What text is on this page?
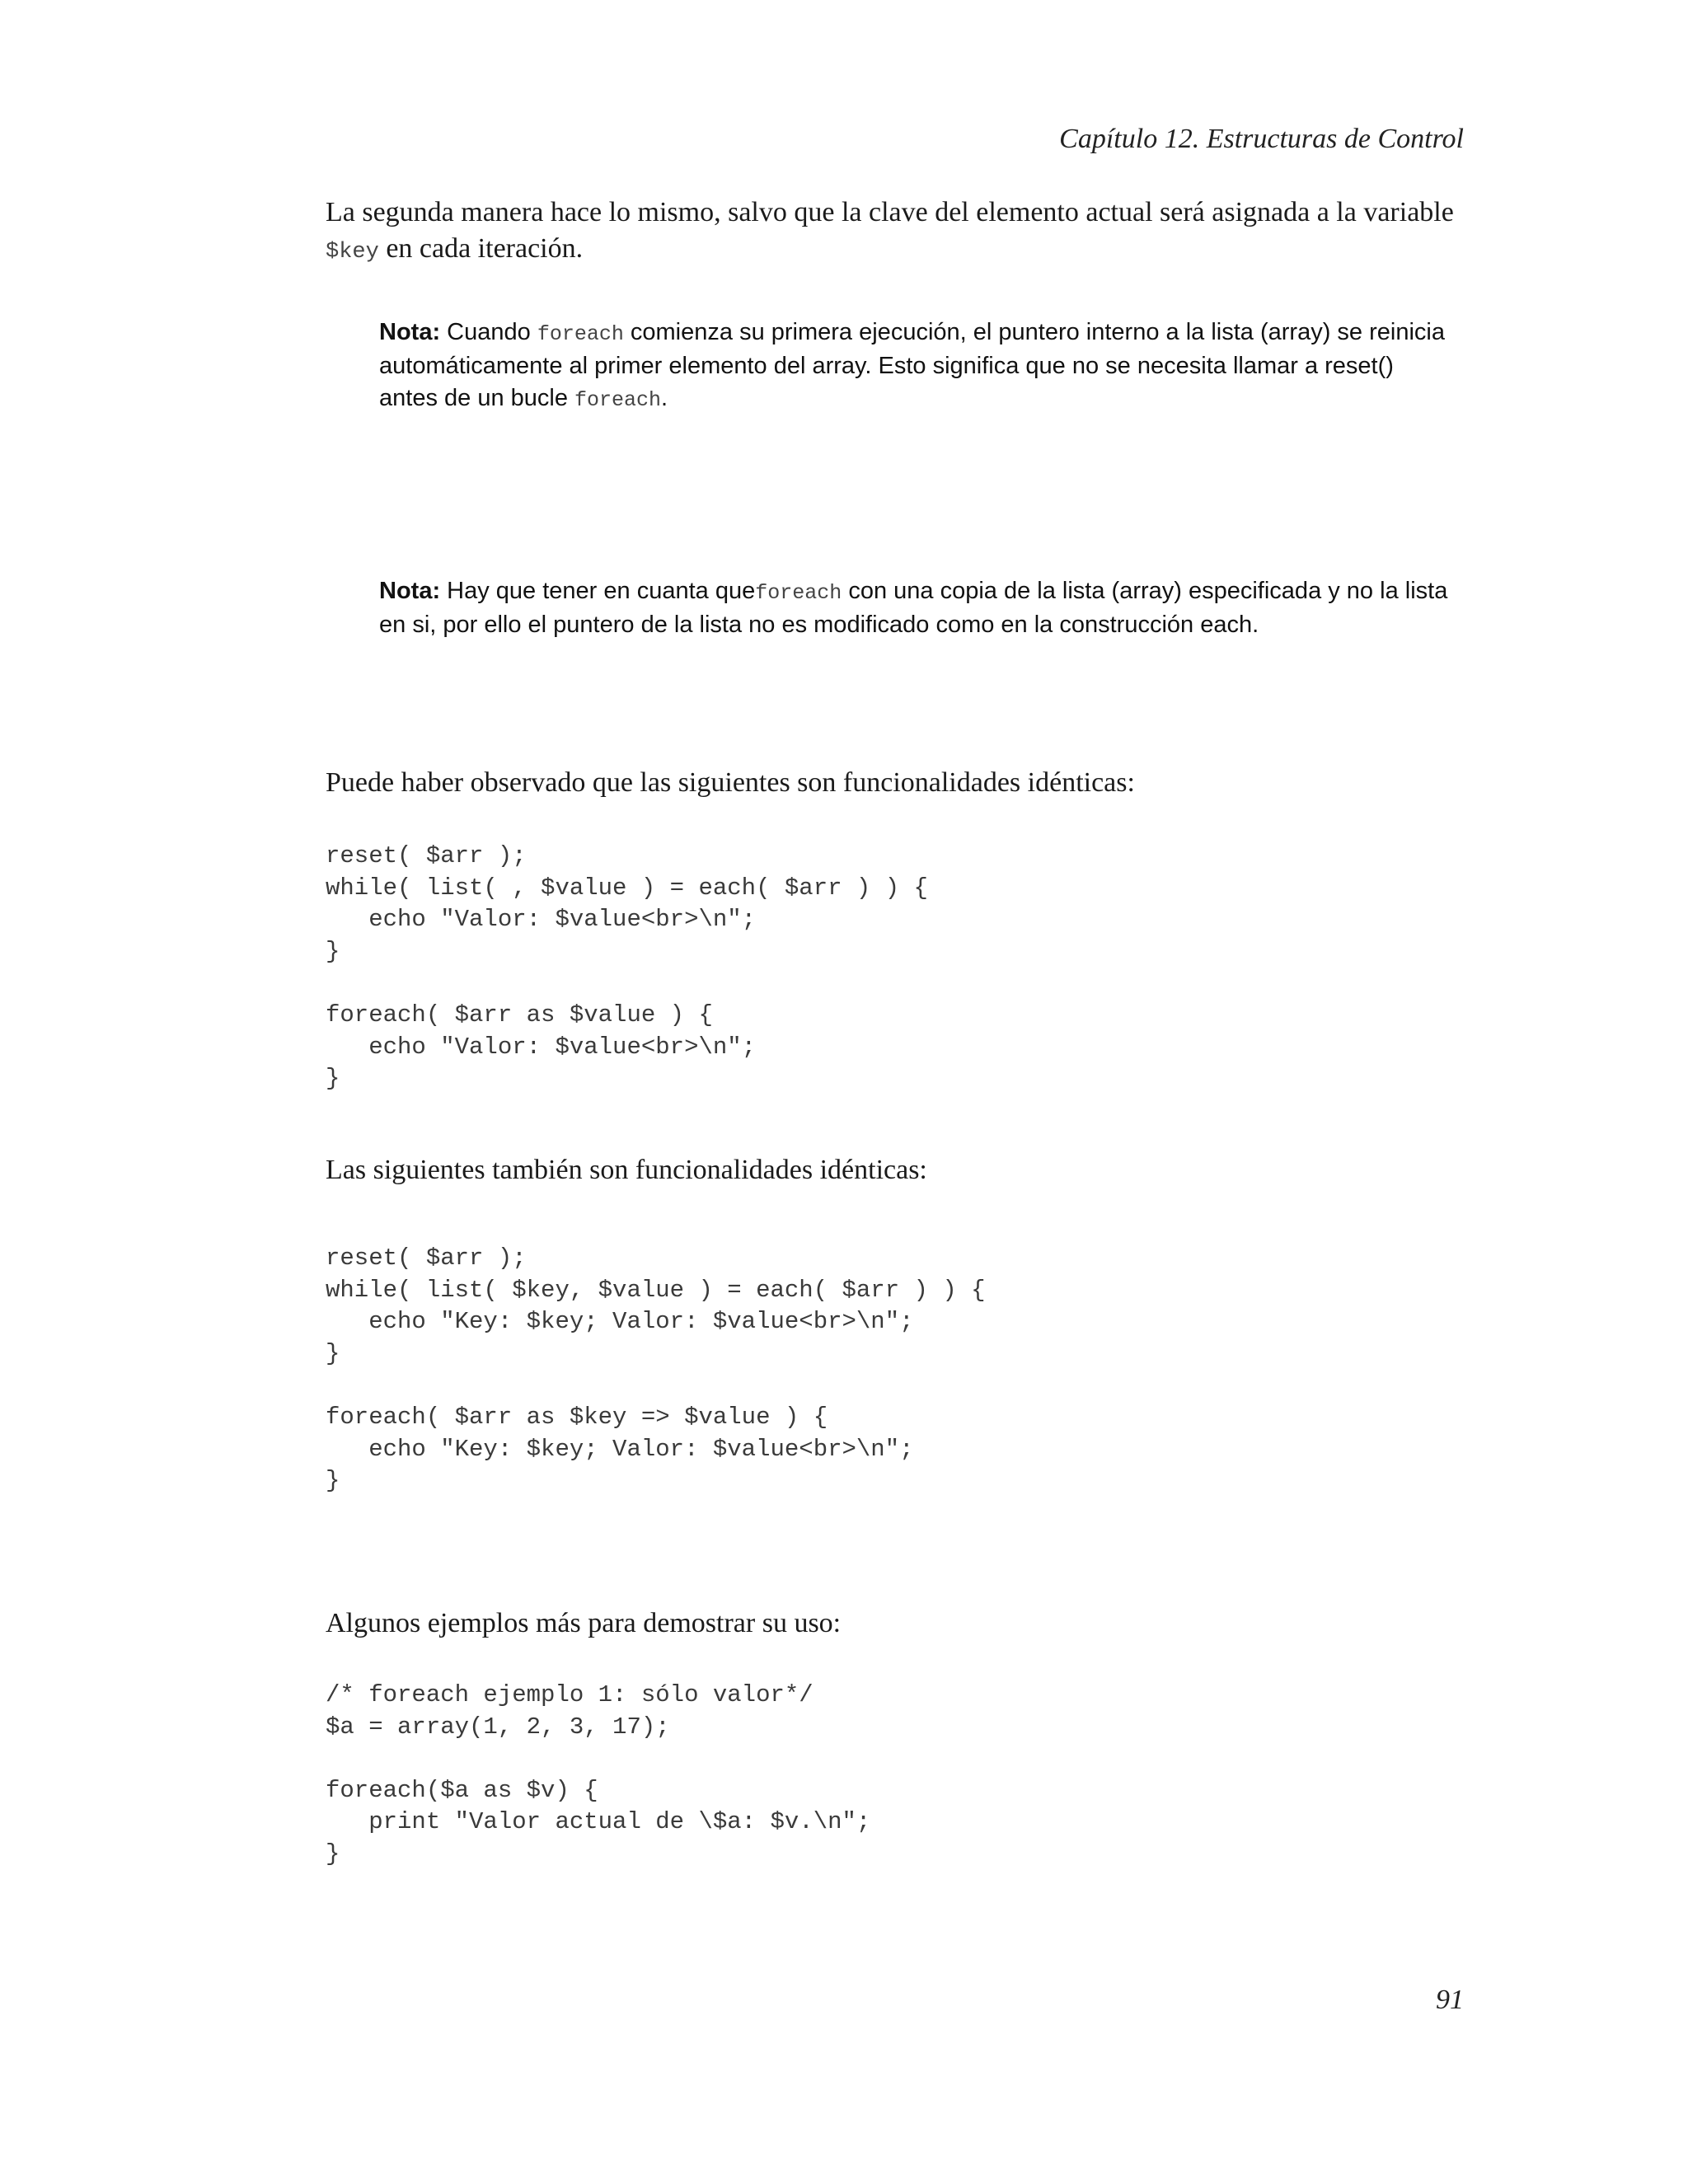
Capítulo 12. Estructuras de Control

La segunda manera hace lo mismo, salvo que la clave del elemento actual será asignada a la variable
$key en cada iteración.

Nota: Cuando foreach comienza su primera ejecución, el puntero interno a la lista (array) se reinicia automáticamente al primer elemento del array. Esto significa que no se necesita llamar a reset() antes de un bucle foreach.

Nota: Hay que tener en cuanta queforeach con una copia de la lista (array) especificada y no la lista en si, por ello el puntero de la lista no es modificado como en la construcción each.

Puede haber observado que las siguientes son funcionalidades idénticas:

reset( $arr );
while( list( , $value ) = each( $arr ) ) {
echo "Valor: $value<br>\n";
}
foreach( $arr as $value ) {
echo "Valor: $value<br>\n";
}

Las siguientes también son funcionalidades idénticas:

reset( $arr );
while( list( $key, $value ) = each( $arr ) ) {
echo "Key: $key; Valor: $value<br>\n";
}
foreach( $arr as $key => $value ) {
echo "Key: $key; Valor: $value<br>\n";
}

Algunos ejemplos más para demostrar su uso:

/* foreach ejemplo 1: sólo valor*/
$a = array(1, 2, 3, 17);
foreach($a as $v) {
print "Valor actual de \$a: $v.\n";
}
91
